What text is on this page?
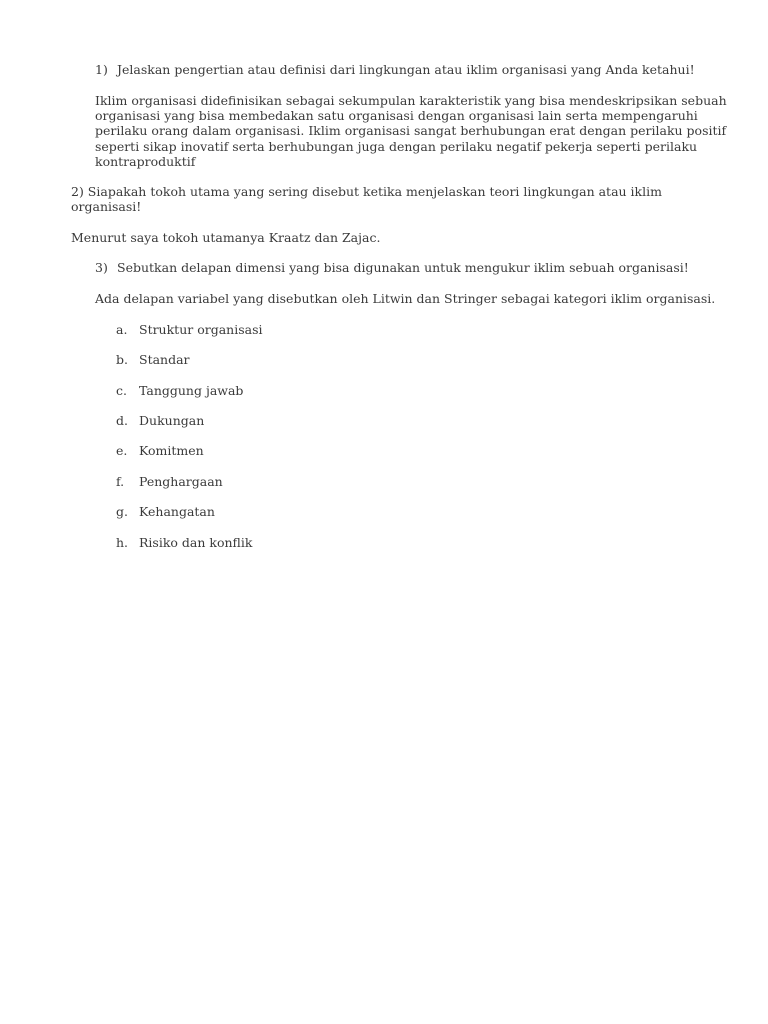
1) Jelaskan pengertian atau definisi dari lingkungan atau iklim organisasi yang Anda ketahui!
Iklim organisasi didefinisikan sebagai sekumpulan karakteristik yang bisa mendeskripsikan sebuah
organisasi yang bisa membedakan satu organisasi dengan organisasi lain serta mempengaruhi
perilaku orang dalam organisasi. Iklim organisasi sangat berhubungan erat dengan perilaku positif
seperti sikap inovatif serta berhubungan juga dengan perilaku negatif pekerja seperti perilaku
kontraproduktif
2) Siapakah tokoh utama yang sering disebut ketika menjelaskan teori lingkungan atau iklim
organisasi!
Menurut saya tokoh utamanya Kraatz dan Zajac.
3) Sebutkan delapan dimensi yang bisa digunakan untuk mengukur iklim sebuah organisasi!
Ada delapan variabel yang disebutkan oleh Litwin dan Stringer sebagai kategori iklim organisasi.
a. Struktur organisasi
b. Standar
c. Tanggung jawab
d. Dukungan
e. Komitmen
f. Penghargaan
g. Kehangatan
h. Risiko dan konflik
